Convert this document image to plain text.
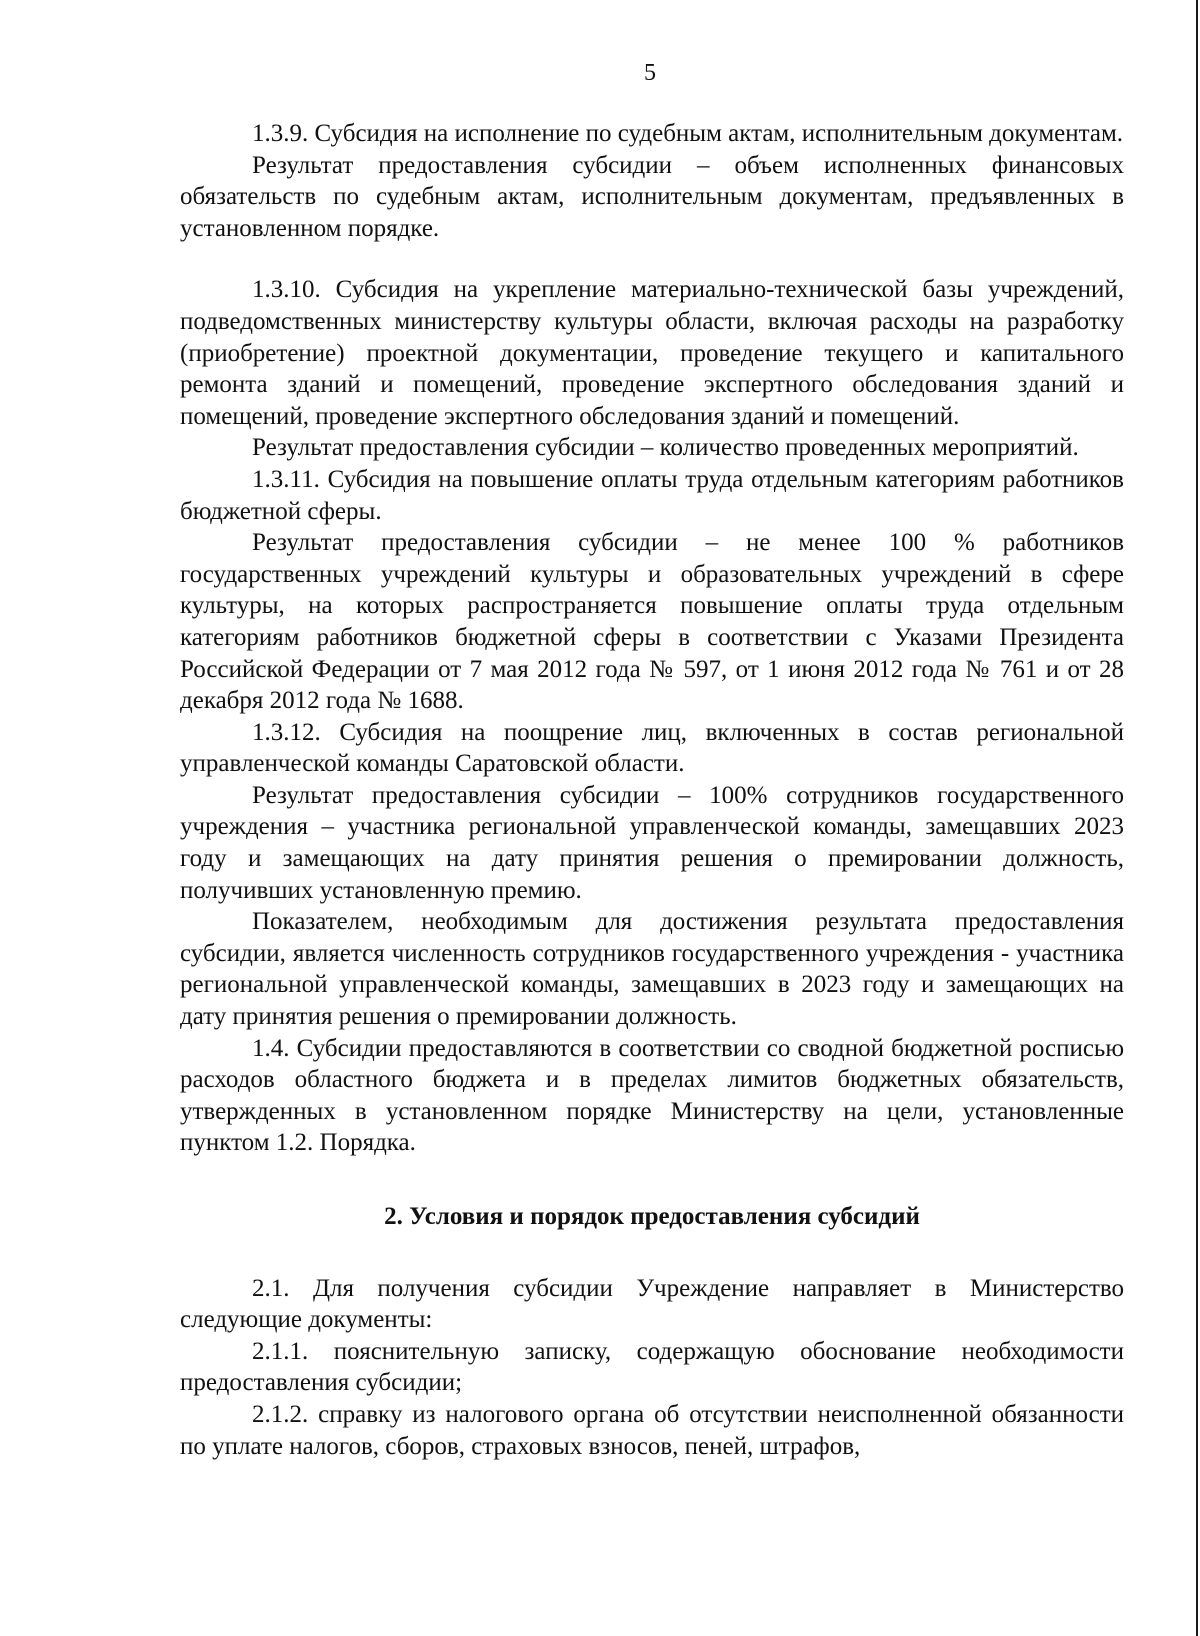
5

1.3.9. Субсидия на исполнение по судебным актам, исполнительным документам.

Результат предоставления субсидии – объем исполненных финансовых обязательств по судебным актам, исполнительным документам, предъявленных в установленном порядке.

1.3.10. Субсидия на укрепление материально-технической базы учреждений, подведомственных министерству культуры области, включая расходы на разработку (приобретение) проектной документации, проведение текущего и капитального ремонта зданий и помещений, проведение экспертного обследования зданий и помещений, проведение экспертного обследования зданий и помещений.

Результат предоставления субсидии – количество проведенных мероприятий.

1.3.11. Субсидия на повышение оплаты труда отдельным категориям работников бюджетной сферы.

Результат предоставления субсидии – не менее 100 % работников государственных учреждений культуры и образовательных учреждений в сфере культуры, на которых распространяется повышение оплаты труда отдельным категориям работников бюджетной сферы в соответствии с Указами Президента Российской Федерации от 7 мая 2012 года № 597, от 1 июня 2012 года № 761 и от 28 декабря 2012 года № 1688.

1.3.12. Субсидия на поощрение лиц, включенных в состав региональной управленческой команды Саратовской области.

Результат предоставления субсидии – 100% сотрудников государственного учреждения – участника региональной управленческой команды, замещавших 2023 году и замещающих на дату принятия решения о премировании должность, получивших установленную премию.

Показателем, необходимым для достижения результата предоставления субсидии, является численность сотрудников государственного учреждения - участника региональной управленческой команды, замещавших в 2023 году и замещающих на дату принятия решения о премировании должность.

1.4. Субсидии предоставляются в соответствии со сводной бюджетной росписью расходов областного бюджета и в пределах лимитов бюджетных обязательств, утвержденных в установленном порядке Министерству на цели, установленные пунктом 1.2. Порядка.

2. Условия и порядок предоставления субсидий

2.1. Для получения субсидии Учреждение направляет в Министерство следующие документы:

2.1.1. пояснительную записку, содержащую обоснование необходимости предоставления субсидии;

2.1.2. справку из налогового органа об отсутствии неисполненной обязанности по уплате налогов, сборов, страховых взносов, пеней, штрафов,
